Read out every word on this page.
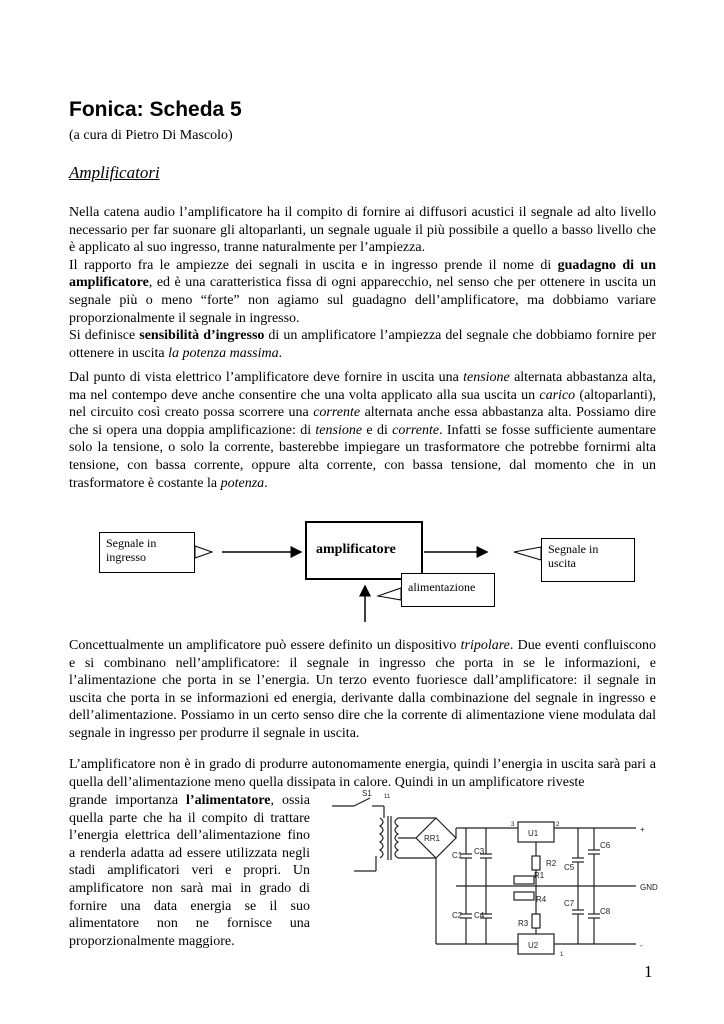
Fonica: Scheda 5
(a cura di Pietro Di Mascolo)
Amplificatori
Nella catena audio l’amplificatore ha il compito di fornire ai diffusori acustici il segnale ad alto livello necessario per far suonare gli altoparlanti, un segnale uguale il più possibile a quello a basso livello che è applicato al suo ingresso, tranne naturalmente per l’ampiezza.
Il rapporto fra le ampiezze dei segnali in uscita e in ingresso prende il nome di guadagno di un amplificatore, ed è una caratteristica fissa di ogni apparecchio, nel senso che per ottenere in uscita un segnale più o meno “forte” non agiamo sul guadagno dell’amplificatore, ma dobbiamo variare proporzionalmente il segnale in ingresso.
Si definisce sensibilità d’ingresso di un amplificatore l’ampiezza del segnale che dobbiamo fornire per ottenere in uscita la potenza massima.
Dal punto di vista elettrico l’amplificatore deve fornire in uscita una tensione alternata abbastanza alta, ma nel contempo deve anche consentire che una volta applicato alla sua uscita un carico (altoparlanti), nel circuito così creato possa scorrere una corrente alternata anche essa abbastanza alta. Possiamo dire che si opera una doppia amplificazione: di tensione e di corrente. Infatti se fosse sufficiente aumentare solo la tensione, o solo la corrente, basterebbe impiegare un trasformatore che potrebbe fornirmi alta tensione, con bassa corrente, oppure alta corrente, con bassa tensione, dal momento che in un trasformatore è costante la potenza.
Segnale in
ingresso	amplificatore	Segnale in
uscita
alimentazione
Concettualmente un amplificatore può essere definito un dispositivo tripolare. Due eventi confluiscono e si combinano nell’amplificatore: il segnale in ingresso che porta in se le informazioni, e l’alimentazione che porta in se l’energia. Un terzo evento fuoriesce dall’amplificatore: il segnale in uscita che porta in se informazioni ed energia, derivante dalla combinazione del segnale in ingresso e dell’alimentazione. Possiamo in un certo senso dire che la corrente di alimentazione viene modulata dal segnale in ingresso per produrre il segnale in uscita.
L’amplificatore non è in grado di produrre autonomamente energia, quindi l’energia in uscita sarà pari a quella dell’alimentazione meno quella dissipata in calore. Quindi in un amplificatore riveste
grande importanza l’alimentatore, ossia quella parte che ha il compito di trattare l’energia elettrica dell’alimentazione fino a renderla adatta ad essere utilizzata negli stadi amplificatori veri e propri. Un amplificatore non sarà mai in grado di fornire una data energia se il suo alimentatore non ne fornisce una proporzionalmente maggiore.
S1 11
RR1
U1
3	2	+
GND
U2	-
C1 C3
C2 C4
R2
R1
R4
R3
C5
C6
C7
C8
1
1
